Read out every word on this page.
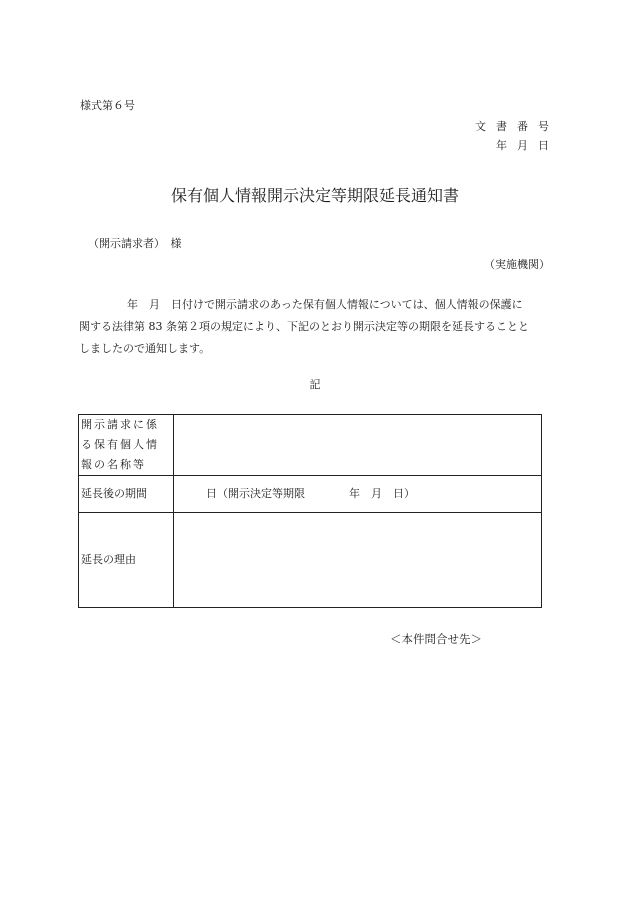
様式第６号
文書番号
年月日
保有個人情報開示決定等期限延長通知書
（開示請求者）　様
（実施機関）
年　月　日付けで開示請求のあった保有個人情報については、個人情報の保護に
関する法律第 83 条第２項の規定により、下記のとおり開示決定等の期限を延長することと
しましたので通知します。
記
開示請求に係る保有個人情報の名称等	

延長後の期間	日（開示決定等期限　　　　年　月　日）
延長の理由	
＜本件問合せ先＞
